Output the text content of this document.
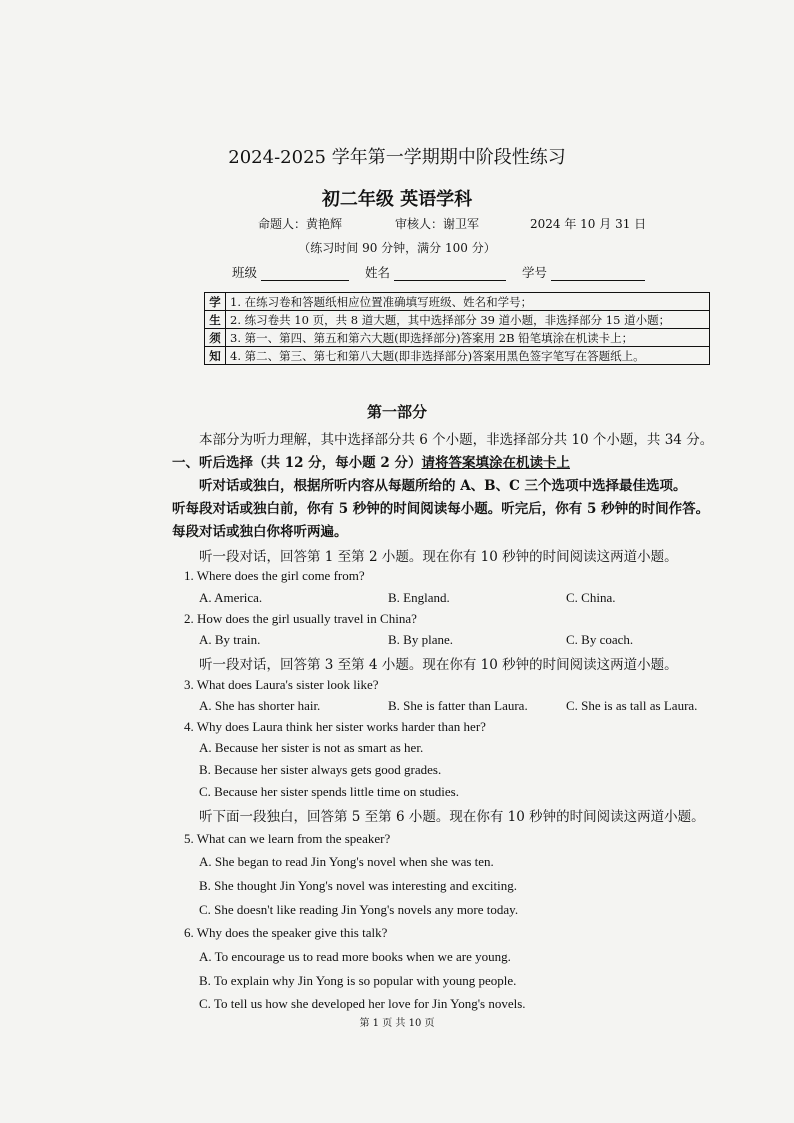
2024-2025 学年第一学期期中阶段性练习
初二年级 英语学科
命题人：黄艳辉	审核人：谢卫军	2024 年 10 月 31 日
（练习时间 90 分钟，满分 100 分）
班级	姓名	学号
学	1. 在练习卷和答题纸相应位置准确填写班级、姓名和学号；
生	2. 练习卷共 10 页，共 8 道大题，其中选择部分 39 道小题，非选择部分 15 道小题；
须	3. 第一、第四、第五和第六大题(即选择部分)答案用 2B 铅笔填涂在机读卡上；
知	4. 第二、第三、第七和第八大题(即非选择部分)答案用黑色签字笔写在答题纸上。
第一部分
本部分为听力理解，其中选择部分共 6 个小题，非选择部分共 10 个小题，共 34 分。
一、听后选择（共 12 分，每小题 2 分）请将答案填涂在机读卡上
听对话或独白，根据所听内容从每题所给的 A、B、C 三个选项中选择最佳选项。
听每段对话或独白前，你有 5 秒钟的时间阅读每小题。听完后，你有 5 秒钟的时间作答。
每段对话或独白你将听两遍。
听一段对话，回答第 1 至第 2 小题。现在你有 10 秒钟的时间阅读这两道小题。
1. Where does the girl come from?
A. America.	B. England.	C. China.
2. How does the girl usually travel in China?
A. By train.	B. By plane.	C. By coach.
听一段对话，回答第 3 至第 4 小题。现在你有 10 秒钟的时间阅读这两道小题。
3. What does Laura's sister look like?
A. She has shorter hair.	B. She is fatter than Laura.	C. She is as tall as Laura.
4. Why does Laura think her sister works harder than her?
A. Because her sister is not as smart as her.
B. Because her sister always gets good grades.
C. Because her sister spends little time on studies.
听下面一段独白，回答第 5 至第 6 小题。现在你有 10 秒钟的时间阅读这两道小题。
5. What can we learn from the speaker?
A. She began to read Jin Yong's novel when she was ten.
B. She thought Jin Yong's novel was interesting and exciting.
C. She doesn't like reading Jin Yong's novels any more today.
6. Why does the speaker give this talk?
A. To encourage us to read more books when we are young.
B. To explain why Jin Yong is so popular with young people.
C. To tell us how she developed her love for Jin Yong's novels.
第 1 页 共 10 页
